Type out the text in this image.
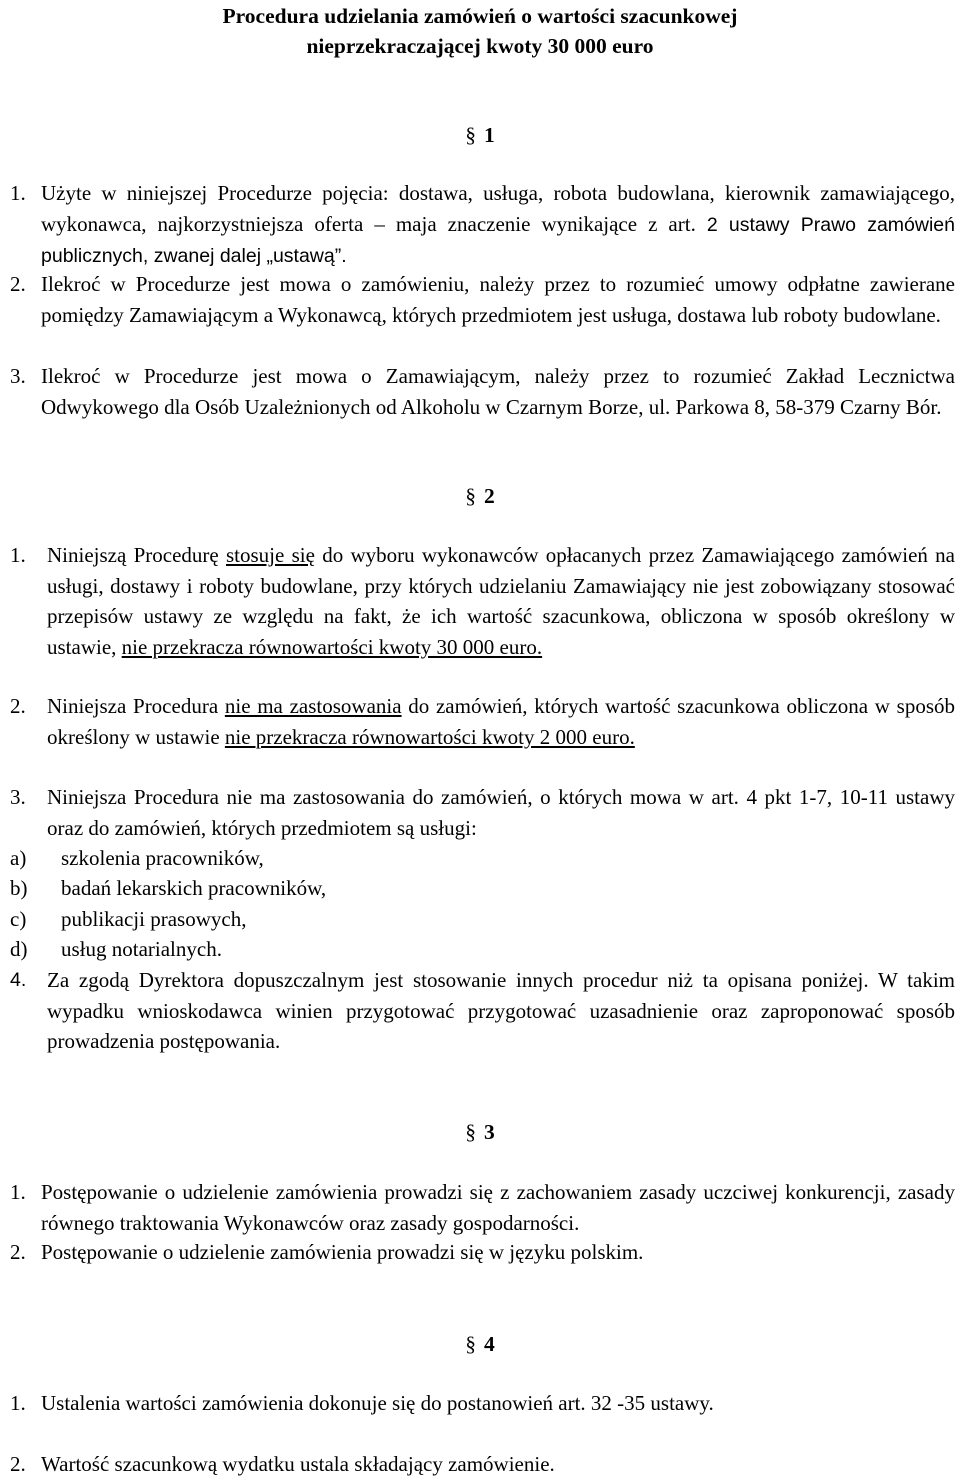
Procedura udzielania zamówień o wartości szacunkowej
nieprzekraczającej kwoty 30 000 euro
§ 1
1. Użyte w niniejszej Procedurze pojęcia: dostawa, usługa, robota budowlana, kierownik zamawiającego, wykonawca, najkorzystniejsza oferta – maja znaczenie wynikające z art. 2 ustawy Prawo zamówień publicznych, zwanej dalej „ustawą”.
2. Ilekroć w Procedurze jest mowa o zamówieniu, należy przez to rozumieć umowy odpłatne zawierane pomiędzy Zamawiającym a Wykonawcą, których przedmiotem jest usługa, dostawa lub roboty budowlane.
3. Ilekroć w Procedurze jest mowa o Zamawiającym, należy przez to rozumieć Zakład Lecznictwa Odwykowego dla Osób Uzależnionych od Alkoholu w Czarnym Borze, ul. Parkowa 8, 58-379 Czarny Bór.
§ 2
1. Niniejszą Procedurę stosuje się do wyboru wykonawców opłacanych przez Zamawiającego zamówień na usługi, dostawy i roboty budowlane, przy których udzielaniu Zamawiający nie jest zobowiązany stosować przepisów ustawy ze względu na fakt, że ich wartość szacunkowa, obliczona w sposób określony w ustawie, nie przekracza równowartości kwoty 30 000 euro.
2. Niniejsza Procedura nie ma zastosowania do zamówień, których wartość szacunkowa obliczona w sposób określony w ustawie nie przekracza równowartości kwoty 2 000 euro.
3. Niniejsza Procedura nie ma zastosowania do zamówień, o których mowa w art. 4 pkt 1-7, 10-11 ustawy oraz do zamówień, których przedmiotem są usługi:
a) szkolenia pracowników,
b) badań lekarskich pracowników,
c) publikacji prasowych,
d) usług notarialnych.
4. Za zgodą Dyrektora dopuszczalnym jest stosowanie innych procedur niż ta opisana poniżej. W takim wypadku wnioskodawca winien przygotować przygotować uzasadnienie oraz zaproponować sposób prowadzenia postępowania.
§ 3
1. Postępowanie o udzielenie zamówienia prowadzi się z zachowaniem zasady uczciwej konkurencji, zasady równego traktowania Wykonawców oraz zasady gospodarności.
2. Postępowanie o udzielenie zamówienia prowadzi się w języku polskim.
§ 4
1. Ustalenia wartości zamówienia dokonuje się do postanowień art. 32 -35 ustawy.
2. Wartość szacunkową wydatku ustala składający zamówienie.
